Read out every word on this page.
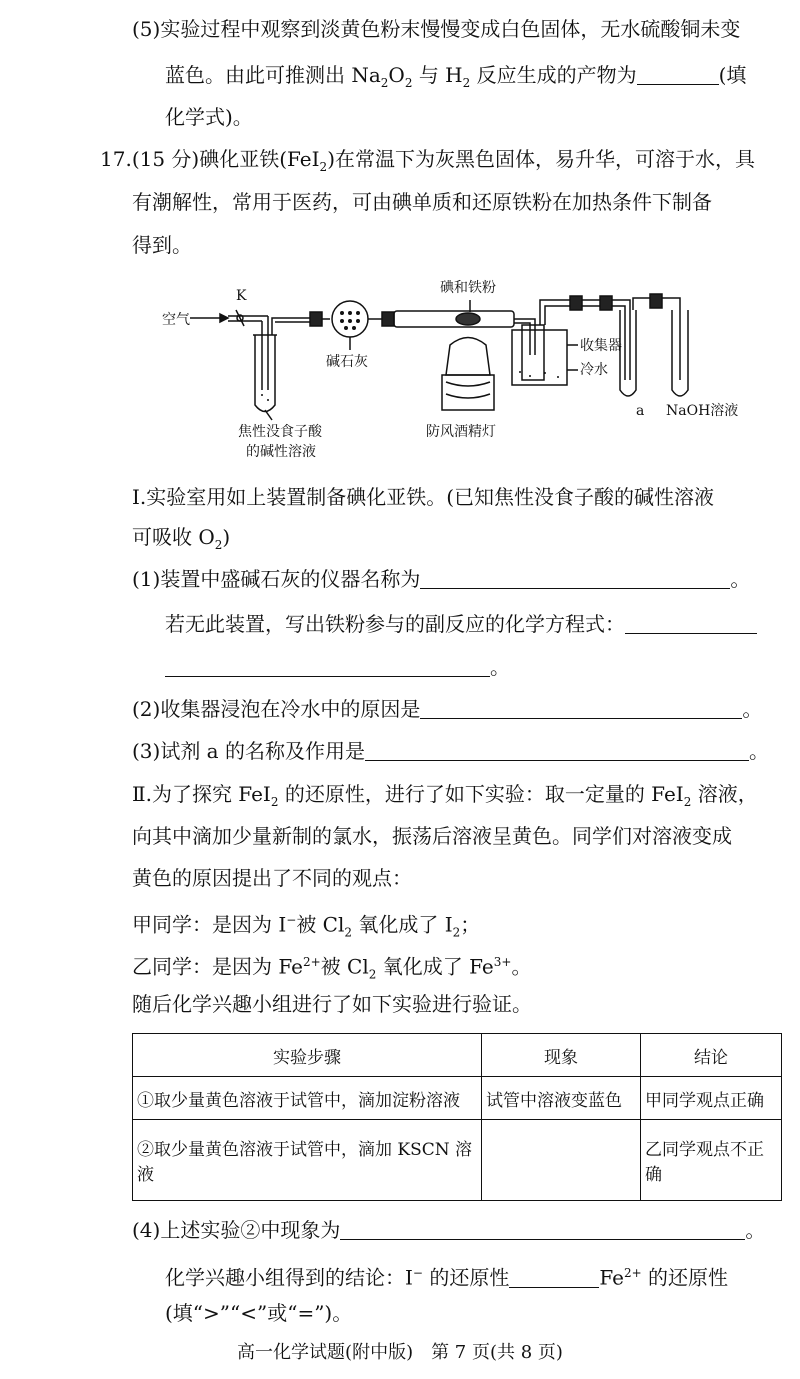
(5)实验过程中观察到淡黄色粉末慢慢变成白色固体，无水硫酸铜未变
蓝色。由此可推测出 $Na_2O_2$ 与 $H_2$ 反应生成的产物为	(填
化学式)。
17.(15 分)碘化亚铁(FeI$_2$)在常温下为灰黑色固体，易升华，可溶于水，具
有潮解性，常用于医药，可由碘单质和还原铁粉在加热条件下制备
得到。
空气
K
碱石灰
碘和铁粉
收集器
冷水
a NaOH溶液
焦性没食子酸
的碱性溶液
防风酒精灯
Ⅰ.实验室用如上装置制备碘化亚铁。(已知焦性没食子酸的碱性溶液
可吸收 $O_2$)
(1)装置中盛碱石灰的仪器名称为	。
若无此装置，写出铁粉参与的副反应的化学方程式：
。
(2)收集器浸泡在冷水中的原因是	。
(3)试剂 a 的名称及作用是	。
Ⅱ.为了探究 FeI$_2$ 的还原性，进行了如下实验：取一定量的 FeI$_2$ 溶液，
向其中滴加少量新制的氯水，振荡后溶液呈黄色。同学们对溶液变成
黄色的原因提出了不同的观点：
甲同学：是因为 I−被 $Cl_2$ 氧化成了 $I_2$；
乙同学：是因为 $Fe^{2+}$被 $Cl_2$ 氧化成了 $Fe^{3+}$。
随后化学兴趣小组进行了如下实验进行验证。
实验步骤	现象	结论
①取少量黄色溶液于试管中，滴加淀粉溶液	试管中溶液变蓝色	甲同学观点正确
②取少量黄色溶液于试管中，滴加 KSCN 溶液		乙同学观点不正确
(4)上述实验②中现象为	。
化学兴趣小组得到的结论：I− 的还原性	$Fe^{2+}$ 的还原性
(填“>”“<”或“=”)。
高一化学试题(附中版)　第 7 页(共 8 页)
